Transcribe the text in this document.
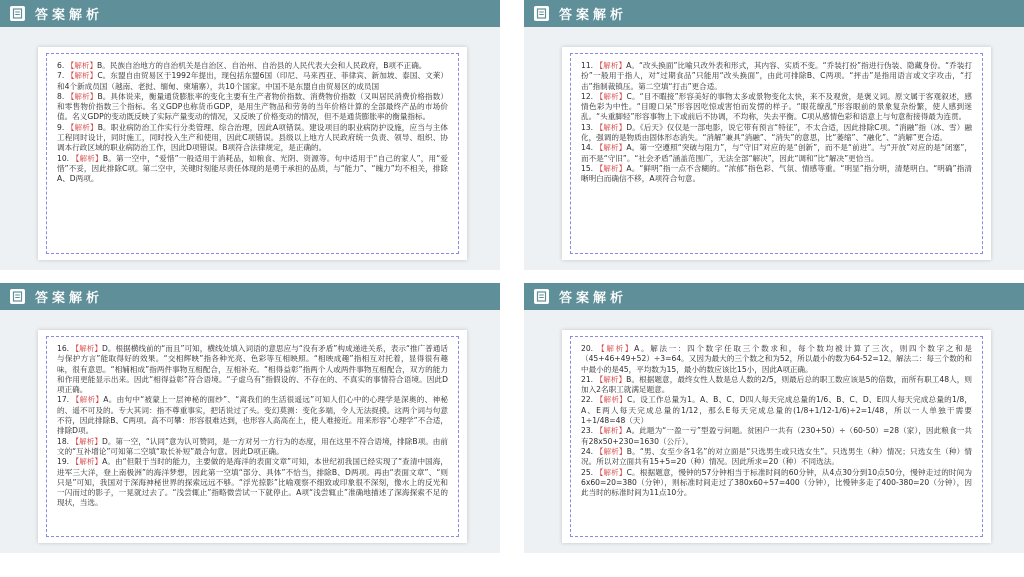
答案解析

6. 【解析】B。民族自治地方的自治机关是自治区、自治州、自治县的人民代表大会和人民政府，B项不正确。

7. 【解析】C。东盟自由贸易区于1992年提出，现包括东盟6国（印尼、马来西亚、菲律宾、新加坡、泰国、文莱）和4个新成员国（越南、老挝、缅甸、柬埔寨），共10个国家。中国不是东盟自由贸易区的成员国

8. 【解析】B。具体说来，衡量通货膨胀率的变化主要有生产者物价指数、消费物价指数（又叫居民消费价格指数）和零售物价指数三个指标。名义GDP也称货币GDP，是用生产物品和劳务的当年价格计算的全部最终产品的市场价值。名义GDP的变动既反映了实际产量变动的情况，又反映了价格变动的情况，但不是通货膨胀率的衡量指标。

9. 【解析】B。职业病防治工作实行分类管理、综合治理，因此A项错误。建设项目的职业病防护设施，应当与主体工程同时设计，同时施工，同时投入生产和使用，因此C项错误。县级以上地方人民政府统一负责、领导、组织、协调本行政区域的职业病防治工作，因此D项错误。B项符合法律规定，是正确的。

10. 【解析】B。第一空中，“爱惜”一般适用于消耗品，如粮食、光阴、资源等。句中适用于“自己的家人”，用“爱惜”不妥，因此排除C项。第二空中，关键时刻能尽责任体现的是勇于承担的品质，与“能力”、“魄力”均不相关，排除A、D两项。

答案解析

11. 【解析】A。“改头换面”比喻只改外表和形式，其内容、实质不变。“乔装打扮”指进行伪装、隐藏身份。“乔装打扮”一般用于指人，对“过期食品”只能用“改头换面”，由此可排除B、C两项。“抨击”是指用语言或文字攻击，“打击”指制裁镇压。第二空填“打击”更合适。

12. 【解析】C。“目不暇接”形容美好的事物太多或景物变化太快，来不及观赏，是褒义词。原文属于客观叙述，感情色彩为中性。“目瞪口呆”形容因吃惊或害怕而发愣的样子。“眼花缭乱”形容眼前的景象复杂纷繁，使人感到迷乱。“头重脚轻”形容事物上下或前后不协调，不均称，失去平衡。C项从感情色彩和语意上与句意衔接得最为连贯。

13. 【解析】D。《后天》仅仅是一部电影，说它带有预言“特征”，不太合适，因此排除C项。“消融”指（冰、雪）融化，强调的是物质由固体形态消失。“消解”兼具“消融”、“消失”的意思，比“萎缩”、“融化”、“消解”更合适。

14. 【解析】A。第一空遵照“突破与阻力”，与“守旧”对应的是“创新”，而不是“前进”。与“开放”对应的是“闭塞”，而不是“守旧”。“社会矛盾”涵盖范围广，无法全部“解决”，因此“调和”比“解决”更恰当。

15. 【解析】A。“鲜明”指一点不含糊的。“浓郁”指色彩、气氛、情感等重。“明显”指分明，清楚明白。“明确”指清晰明白而确信不移，A项符合句意。

答案解析

16. 【解析】D。根据横线前的“而且”可知，横线处填入词语的意思应与“没有矛盾”构成递进关系，表示“推广普通话与保护方言”能取得好的效果。“交相辉映”指各种光亮、色彩等互相映照。“相映成趣”指相互对托着，显得很有趣味，很有意思。“相辅相成”指两件事物互相配合，互相补充。“相得益彰”指两个人或两件事物互相配合，双方的能力和作用更能显示出来。因此“相得益彰”符合语境。“子虚乌有”指假设的、不存在的、不真实的事情符合语境。因此D项正确。

17. 【解析】A。由句中“被蒙上一层神秘的面纱”、“离我们的生活很遥远”可知人们心中的心理学是深奥的、神秘的、遥不可及的。专大其词：指不尊重事实，把话说过了头。变幻莫测：变化多端，令人无法捉摸。这两个词与句意不符，因此排除B、C两项。高不可攀：形容很难达到，也形容人高高在上，使人难接近。用来形容“心理学”不合适，排除D项。

18. 【解析】D。第一空，“认同”意为认可赞同，是一方对另一方行为的态度，用在这里不符合语境，排除B项。由前文的“互补增论”可知第二空填“取长补短”最合句意。因此D项正确。

19. 【解析】A。由“但限于当时的能力，主要做的是海洋的表面文章”可知，本世纪初我国已经实现了“查清中国海，进军三大洋，登上南极洲”的海洋梦想，因此第一空填“部分、具体”不恰当，排除B、D两项。再由“表面文章”、“则只是”可知，我国对于深海神秘世界的探索远远不够。“浮光掠影”比喻观察不细致或印象很不深刻，像水上的反光和一闪而过的影子，一晃就过去了。“浅尝辄止”指略微尝试一下就停止。A项“浅尝辄止”准确地描述了深海探索不足的现状，当选。

答案解析

20. 【解析】A。解法一：四个数字任取三个数求和，每个数均被计算了三次，则四个数字之和是（45+46+49+52）÷3=64。又因为最大的三个数之和为52，所以最小的数为64-52=12。解法二：每三个数的和中最小的是45，平均数为15，最小的数应该比15小，因此A项正确。

21. 【解析】B。根据题意，最终女性人数是总人数的2/5，则最后总的职工数应该是5的倍数，而所有职工48人，则加入2名职工就满足题意。

22. 【解析】C。设工作总量为1。A、B、C、D四人每天完成总量的1/6、B、C、D、E四人每天完成总量的1/8，A、E两人每天完成总量的1/12，那么E每天完成总量的(1/8+1/12-1/6)÷2=1/48，所以一人单独干需要1÷1/48=48（天）

23. 【解析】A。此题为“一盈一亏”型盈亏问题。贫困户一共有（230+50）÷（60-50）=28（家），因此粮食一共有28x50+230=1630（公斤）。

24. 【解析】B。“男、女至少各1名”的对立面是“只选男生或只选女生”。只选男生（种）情况；只选女生（种）情况。所以对立面共有15+5=20（种）情况。因此所求=20（种）不同选法。

25. 【解析】C。根据题意，慢钟的57分钟相当于标准时间的60分钟，从4点30分到10点50分，慢钟走过的时间为6x60=20=380（分钟），则标准时间走过了380x60÷57=400（分钟），比慢钟多走了400-380=20（分钟），因此当时的标准时间为11点10分。
